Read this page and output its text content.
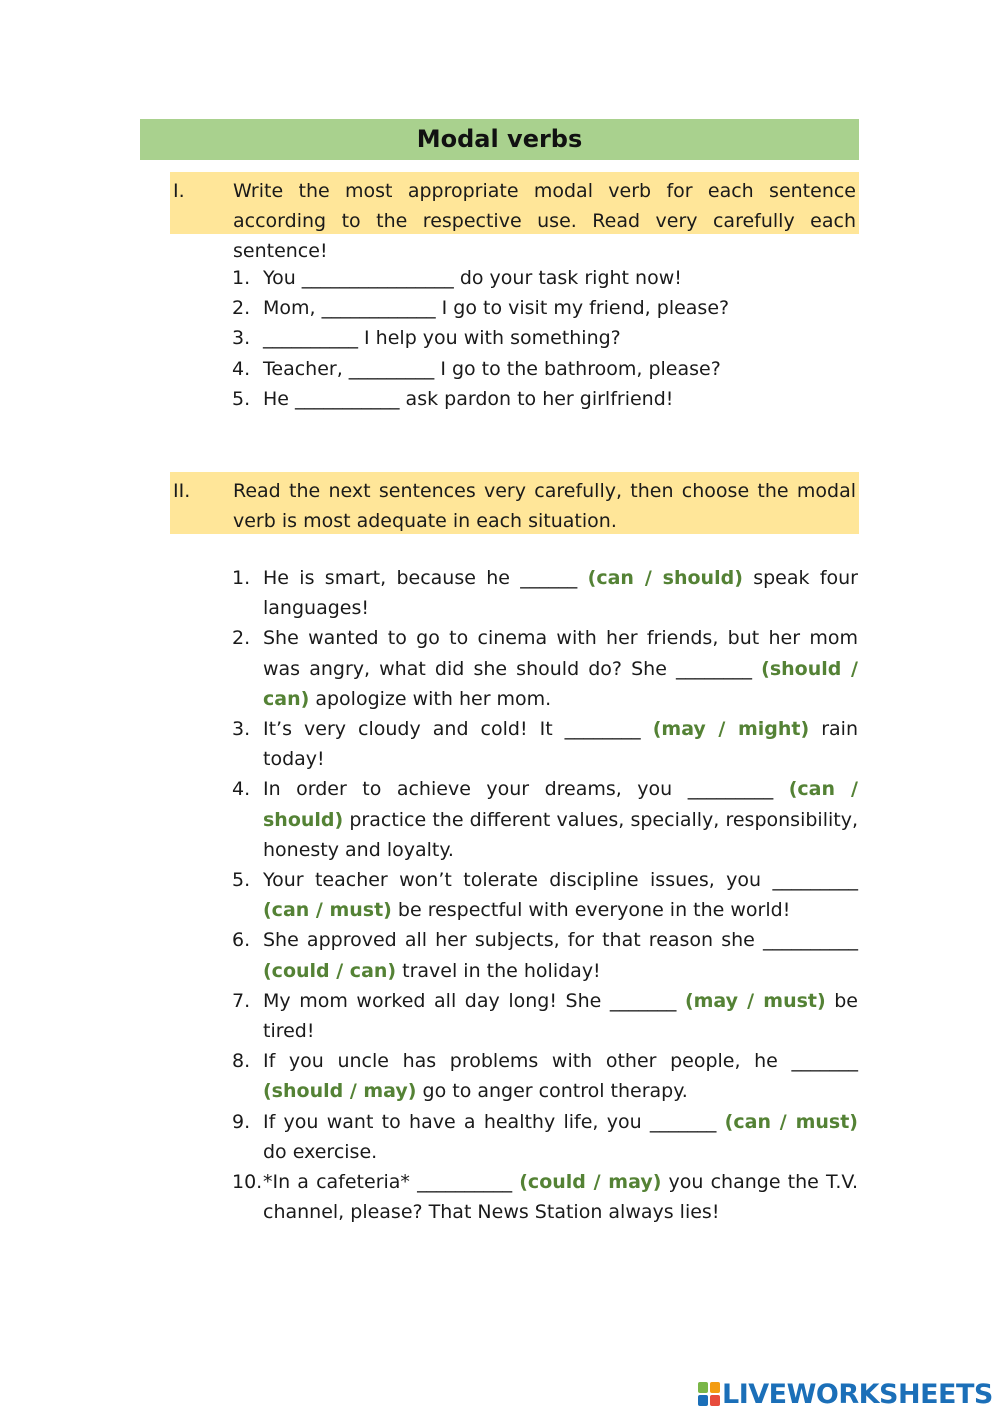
Modal verbs
I.	Write the most appropriate modal verb for each sentence according to the respective use. Read very carefully each sentence!
1. You ________________ do your task right now!
2. Mom, ____________ I go to visit my friend, please?
3. __________ I help you with something?
4. Teacher, _________ I go to the bathroom, please?
5. He ___________ ask pardon to her girlfriend!
II. Read the next sentences very carefully, then choose the modal verb is most adequate in each situation.
1. He is smart, because he ______ (can / should) speak four languages!
2. She wanted to go to cinema with her friends, but her mom was angry, what did she should do? She ________ (should / can) apologize with her mom.
3. It’s very cloudy and cold! It ________ (may / might) rain today!
4. In order to achieve your dreams, you _________ (can / should) practice the different values, specially, responsibility, honesty and loyalty.
5. Your teacher won’t tolerate discipline issues, you _________ (can / must) be respectful with everyone in the world!
6. She approved all her subjects, for that reason she __________ (could / can) travel in the holiday!
7. My mom worked all day long! She _______ (may / must) be tired!
8. If you uncle has problems with other people, he _______ (should / may) go to anger control therapy.
9. If you want to have a healthy life, you _______ (can / must) do exercise.
10. *In a cafeteria* __________ (could / may) you change the T.V. channel, please? That News Station always lies!
LIVEWORKSHEETS
